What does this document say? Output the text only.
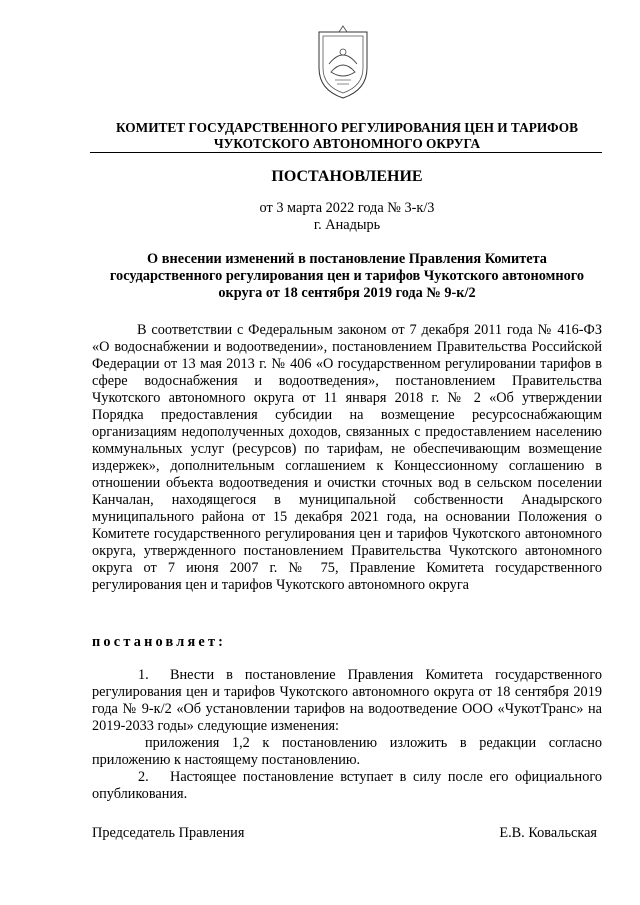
КОМИТЕТ ГОСУДАРСТВЕННОГО РЕГУЛИРОВАНИЯ ЦЕН И ТАРИФОВ
ЧУКОТСКОГО АВТОНОМНОГО ОКРУГА
ПОСТАНОВЛЕНИЕ
от 3 марта 2022 года № 3-к/3
г. Анадырь
О внесении изменений в постановление Правления Комитета
государственного регулирования цен и тарифов Чукотского автономного
округа от 18 сентября 2019 года № 9-к/2

В соответствии с Федеральным законом от 7 декабря 2011 года № 416-ФЗ «О водоснабжении и водоотведении», постановлением Правительства Российской Федерации от 13 мая 2013 г. № 406 «О государственном регулировании тарифов в сфере водоснабжения и водоотведения», постановлением Правительства Чукотского автономного округа от 11 января 2018 г. № 2 «Об утверждении Порядка предоставления субсидии на возмещение ресурсоснабжающим организациям недополученных доходов, связанных с предоставлением населению коммунальных услуг (ресурсов) по тарифам, не обеспечивающим возмещение издержек», дополнительным соглашением к Концессионному соглашению в отношении объекта водоотведения и очистки сточных вод в сельском поселении Канчалан, находящегося в муниципальной собственности Анадырского муниципального района от 15 декабря 2021 года, на основании Положения о Комитете государственного регулирования цен и тарифов Чукотского автономного округа, утвержденного постановлением Правительства Чукотского автономного округа от 7 июня 2007 г. № 75, Правление Комитета государственного регулирования цен и тарифов Чукотского автономного округа

постановляет:

1. Внести в постановление Правления Комитета государственного регулирования цен и тарифов Чукотского автономного округа от 18 сентября 2019 года № 9-к/2 «Об установлении тарифов на водоотведение ООО «ЧукотТранс» на 2019-2033 годы» следующие изменения:

приложения 1,2 к постановлению изложить в редакции согласно приложению к настоящему постановлению.

2. Настоящее постановление вступает в силу после его официального опубликования.

Председатель Правления	Е.В. Ковальская
